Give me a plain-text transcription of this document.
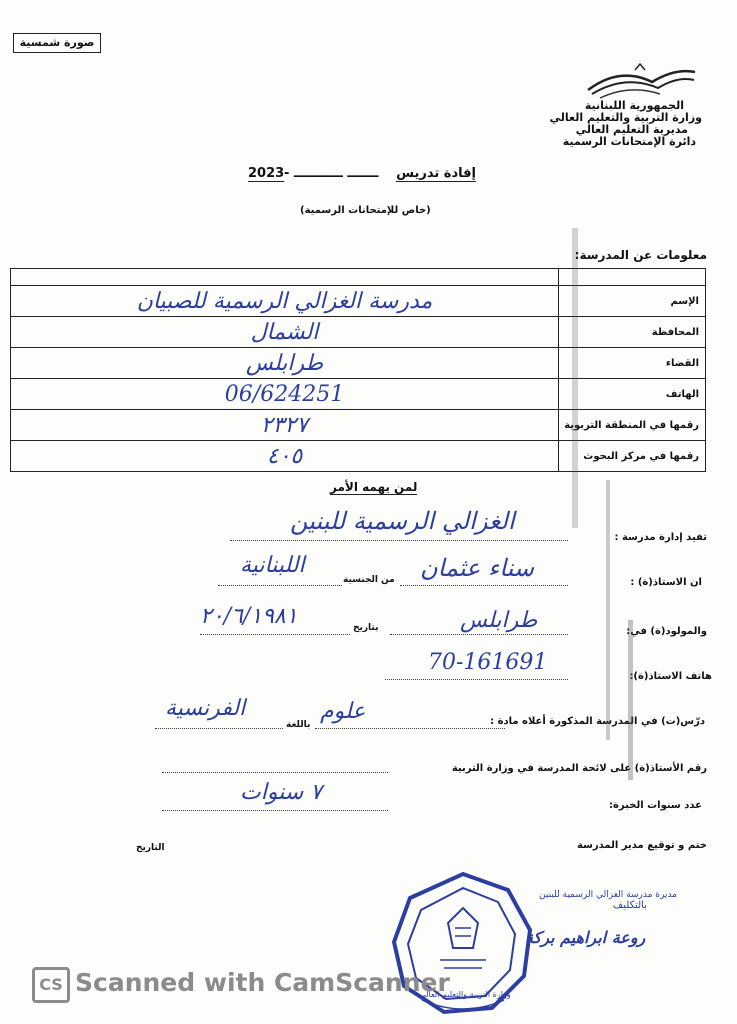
صورة شمسية
الجمهورية اللبنانية
وزارة التربية والتعليم العالي
مديرية التعليم العالي
دائرة الإمتحانات الرسمية
2023 - ـــــــ ـــــــــــ إفادة تدريس
(خاص للإمتحانات الرسمية)
معلومات عن المدرسة:

مدرسة الغزالي الرسمية للصبيان	الإسم
الشمال	المحافظة
طرابلس	القضاء
06/624251	الهاتف
٢٣٢٧	رقمها في المنطقة التربوية
٤٠٥	رقمها في مركز البحوث
لمن يهمه الأمر
تفيد إدارة مدرسة :
الغزالي الرسمية للبنين
ان الاستاذ(ة) :
سناء عثمان
من الجنسية
اللبنانية
والمولود(ة) في:
طرابلس
بتاريخ
٢٠/٦/١٩٨١
هاتف الاستاذ(ة):
70-161691
درّس(ت) في المدرسة المذكورة أعلاه مادة :
علوم
باللغة
الفرنسية
رقم الأستاذ(ة) على لائحة المدرسة في وزارة التربية
عدد سنوات الخبرة:
٧ سنوات
ختم و توقيع مدير المدرسة
التاريخ
مديرة مدرسة الغزالي الرسمية للبنين
بالتكليف
روعة ابراهيم بركة
وزارة التربية والتعليم العالي
CS Scanned with CamScanner
